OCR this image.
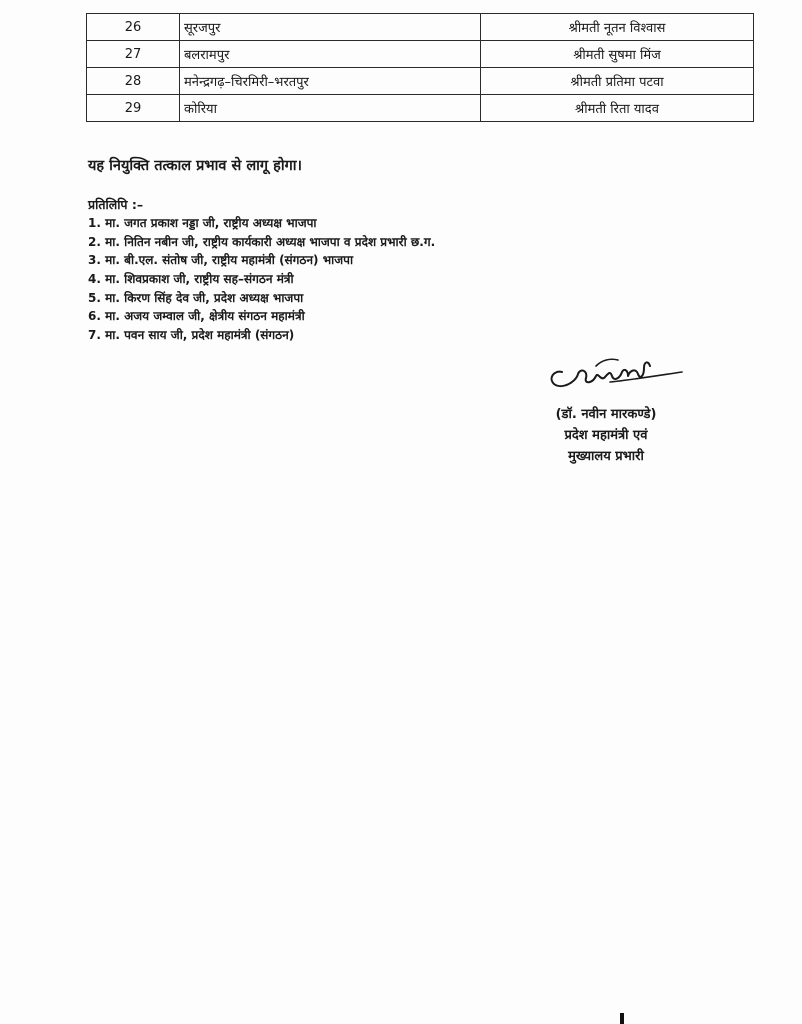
26	सूरजपुर	श्रीमती नूतन विश्वास
27	बलरामपुर	श्रीमती सुषमा मिंज
28	मनेन्द्रगढ़–चिरमिरी–भरतपुर	श्रीमती प्रतिमा पटवा
29	कोरिया	श्रीमती रिता यादव
यह नियुक्ति तत्काल प्रभाव से लागू होगा।
प्रतिलिपि :–
1. मा. जगत प्रकाश नड्डा जी, राष्ट्रीय अध्यक्ष भाजपा
2. मा. नितिन नबीन जी, राष्ट्रीय कार्यकारी अध्यक्ष भाजपा व प्रदेश प्रभारी छ.ग.
3. मा. बी.एल. संतोष जी, राष्ट्रीय महामंत्री (संगठन) भाजपा
4. मा. शिवप्रकाश जी, राष्ट्रीय सह–संगठन मंत्री
5. मा. किरण सिंह देव जी, प्रदेश अध्यक्ष भाजपा
6. मा. अजय जम्वाल जी, क्षेत्रीय संगठन महामंत्री
7. मा. पवन साय जी, प्रदेश महामंत्री (संगठन)
(डॉ. नवीन मारकण्डे)
प्रदेश महामंत्री एवं
मुख्यालय प्रभारी
